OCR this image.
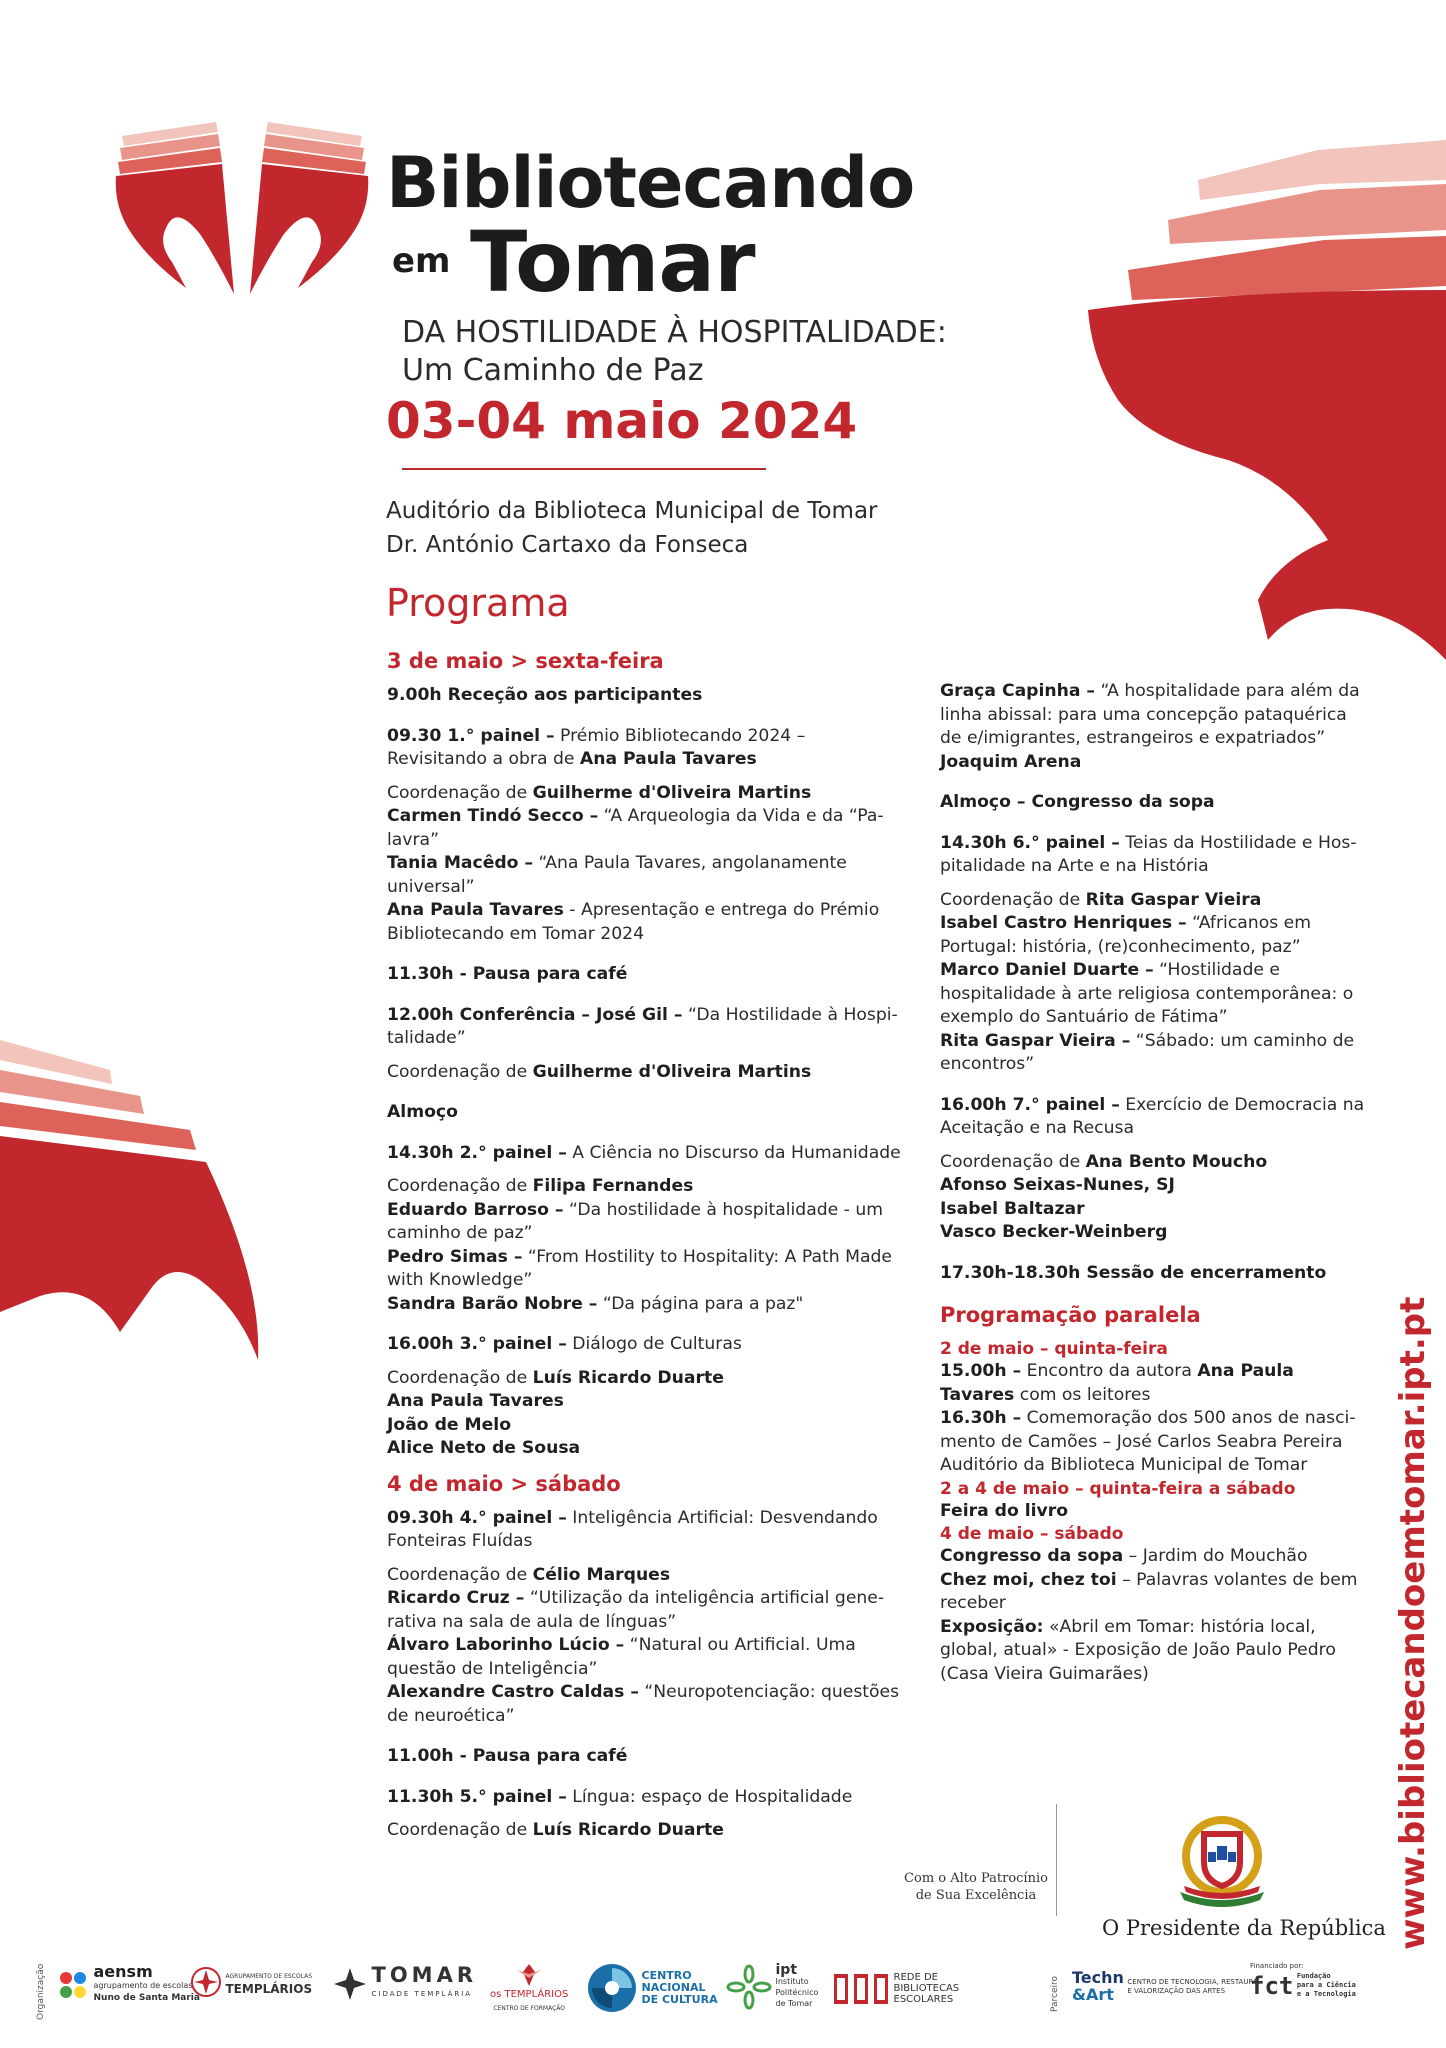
Bibliotecando
em Tomar
DA HOSTILIDADE À HOSPITALIDADE:
Um Caminho de Paz
03-04 maio 2024
Auditório da Biblioteca Municipal de Tomar
Dr. António Cartaxo da Fonseca
Programa

3 de maio > sexta-feira

9.00h Receção aos participantes

09.30 1.° painel – Prémio Bibliotecando 2024 – Revisitando a obra de Ana Paula Tavares

Coordenação de Guilherme d'Oliveira Martins

Carmen Tindó Secco – “A Arqueologia da Vida e da “Pa-lavra”

Tania Macêdo – “Ana Paula Tavares, angolanamente universal”

Ana Paula Tavares - Apresentação e entrega do Prémio Bibliotecando em Tomar 2024

11.30h - Pausa para café

12.00h Conferência – José Gil – “Da Hostilidade à Hospi-talidade”

Coordenação de Guilherme d'Oliveira Martins

Almoço

14.30h 2.° painel – A Ciência no Discurso da Humanidade

Coordenação de Filipa Fernandes

Eduardo Barroso – “Da hostilidade à hospitalidade - um caminho de paz”

Pedro Simas – “From Hostility to Hospitality: A Path Made with Knowledge”

Sandra Barão Nobre – “Da página para a paz"

16.00h 3.° painel – Diálogo de Culturas

Coordenação de Luís Ricardo Duarte

Ana Paula Tavares

João de Melo

Alice Neto de Sousa

4 de maio > sábado

09.30h 4.° painel – Inteligência Artificial: Desvendando Fonteiras Fluídas

Coordenação de Célio Marques

Ricardo Cruz – “Utilização da inteligência artificial gene-rativa na sala de aula de línguas”

Álvaro Laborinho Lúcio – “Natural ou Artificial. Uma questão de Inteligência”

Alexandre Castro Caldas – “Neuropotenciação: questões de neuroética”

11.00h - Pausa para café

11.30h 5.° painel – Língua: espaço de Hospitalidade

Coordenação de Luís Ricardo Duarte

Graça Capinha – “A hospitalidade para além da linha abissal: para uma concepção pataquérica de e/imigrantes, estrangeiros e expatriados”

Joaquim Arena

Almoço – Congresso da sopa

14.30h 6.° painel – Teias da Hostilidade e Hos-pitalidade na Arte e na História

Coordenação de Rita Gaspar Vieira

Isabel Castro Henriques – “Africanos em Portugal: história, (re)conhecimento, paz”

Marco Daniel Duarte – “Hostilidade e hospitalidade à arte religiosa contemporânea: o exemplo do Santuário de Fátima”

Rita Gaspar Vieira – “Sábado: um caminho de encontros”

16.00h 7.° painel – Exercício de Democracia na Aceitação e na Recusa

Coordenação de Ana Bento Moucho

Afonso Seixas-Nunes, SJ

Isabel Baltazar

Vasco Becker-Weinberg

17.30h-18.30h Sessão de encerramento

Programação paralela

2 de maio – quinta-feira

15.00h – Encontro da autora Ana Paula Tavares com os leitores

16.30h – Comemoração dos 500 anos de nasci-mento de Camões – José Carlos Seabra Pereira Auditório da Biblioteca Municipal de Tomar

2 a 4 de maio – quinta-feira a sábado

Feira do livro

4 de maio – sábado

Congresso da sopa – Jardim do Mouchão

Chez moi, chez toi – Palavras volantes de bem receber

Exposição: «Abril em Tomar: história local, global, atual» - Exposição de João Paulo Pedro (Casa Vieira Guimarães)	www.bibliotecandoemtomar.ipt.pt
Com o Alto Patrocínio
de Sua Excelência
O Presidente da República
Organização	aensm
agrupamento de escolas
Nuno de Santa Maria
AGRUPAMENTO DE ESCOLAS
TEMPLÁRIOS
TOMAR
CIDADE TEMPLÁRIA	os TEMPLÁRIOS
CENTRO DE FORMAÇÃO
CENTRO
NACIONAL
DE CULTURA
ipt
Instituto
Politécnico
de Tomar
REDE DE
BIBLIOTECAS
ESCOLARES	Parceiro Techn
&Art CENTRO DE TECNOLOGIA, RESTAURO
E VALORIZAÇÃO DAS ARTES
Financiado por:
fct Fundação
para a Ciência
e a Tecnologia
